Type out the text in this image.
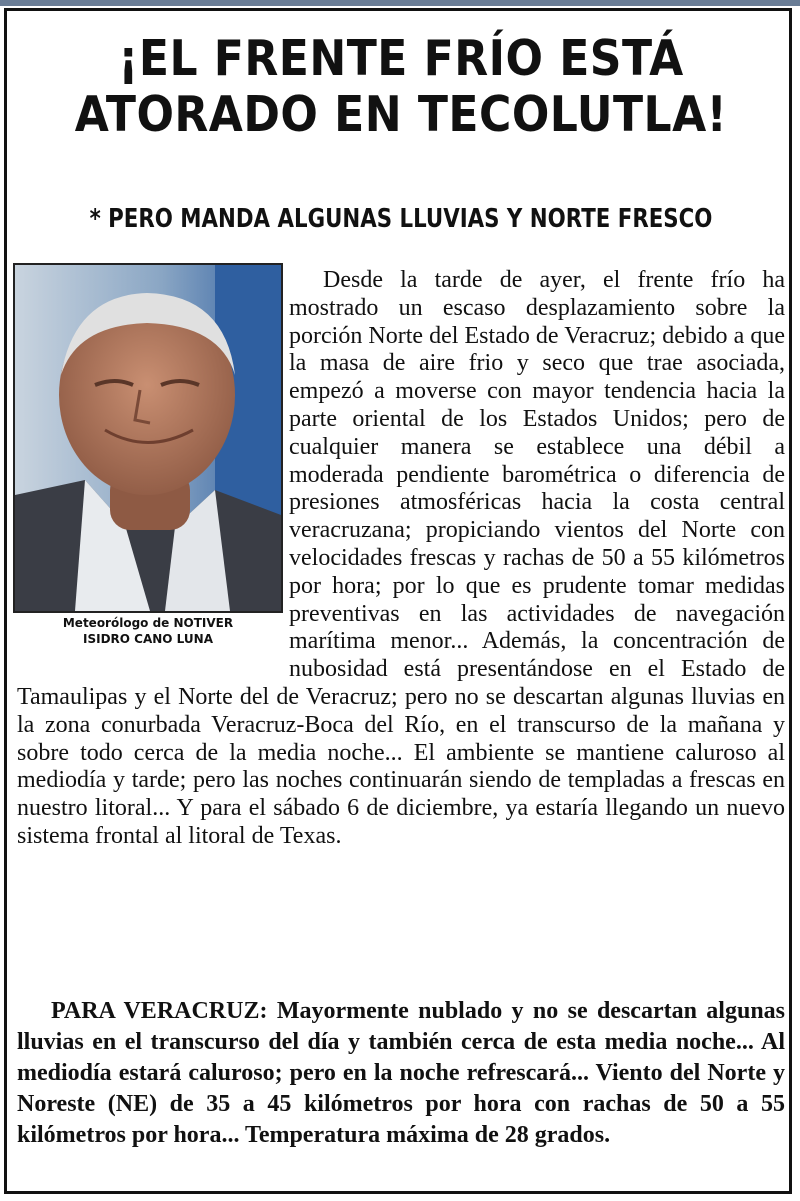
¡EL FRENTE FRÍO ESTÁ ATORADO EN TECOLUTLA!
* PERO MANDA ALGUNAS LLUVIAS Y NORTE FRESCO
Meteorólogo de NOTIVER
ISIDRO CANO LUNA
Desde la tarde de ayer, el frente frío ha mostrado un escaso desplazamiento sobre la porción Norte del Estado de Veracruz; debido a que la masa de aire frio y seco que trae asociada, empezó a moverse con mayor tendencia hacia la parte oriental de los Estados Unidos; pero de cualquier manera se establece una débil a moderada pendiente barométrica o diferencia de presiones atmosféricas hacia la costa central veracruzana; propiciando vientos del Norte con velocidades frescas y rachas de 50 a 55 kilómetros por hora; por lo que es prudente tomar medidas preventivas en las actividades de navegación marítima menor... Además, la concentración de nubosidad está presentándose en el Estado de Tamaulipas y el Norte del de Veracruz; pero no se descartan algunas lluvias en la zona conurbada Veracruz-Boca del Río, en el transcurso de la mañana y sobre todo cerca de la media noche... El ambiente se mantiene caluroso al mediodía y tarde; pero las noches continuarán siendo de templadas a frescas en nuestro litoral... Y para el sábado 6 de diciembre, ya estaría llegando un nuevo sistema frontal al litoral de Texas.
PARA VERACRUZ: Mayormente nublado y no se descartan algunas lluvias en el transcurso del día y también cerca de esta media noche... Al mediodía estará caluroso; pero en la noche refrescará... Viento del Norte y Noreste (NE) de 35 a 45 kilómetros por hora con rachas de 50 a 55 kilómetros por hora... Temperatura máxima de 28 grados.
